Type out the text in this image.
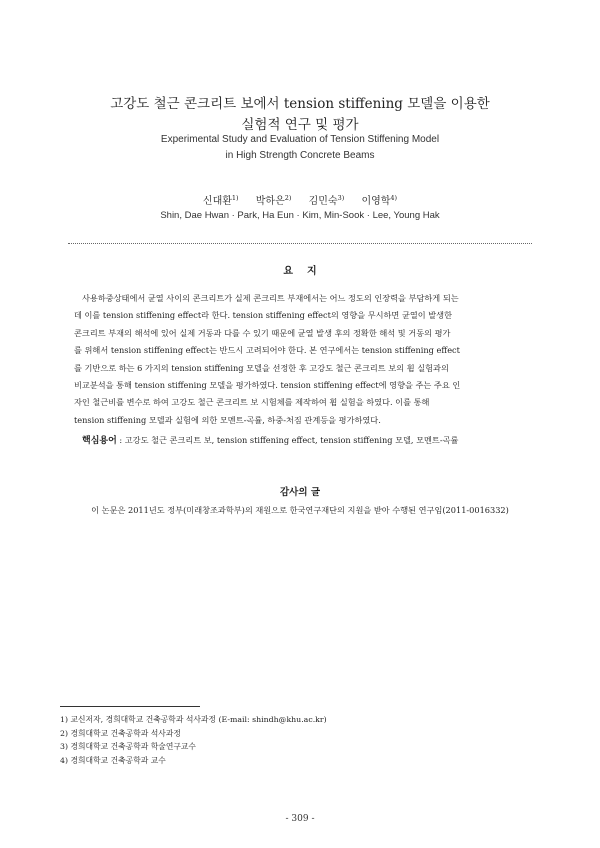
고강도 철근 콘크리트 보에서 tension stiffening 모델을 이용한
실험적 연구 및 평가
Experimental Study and Evaluation of Tension Stiffening Model
in High Strength Concrete Beams
신대환$^{1)}$ 박하은$^{2)}$ 김민숙$^{3)}$ 이영학$^{4)}$
Shin, Dae Hwan · Park, Ha Eun · Kim, Min-Sook · Lee, Young Hak
요지
사용하중상태에서 균열 사이의 콘크리트가 실제 콘크리트 부재에서는 어느 정도의 인장력을 부담하게 되는
데 이를 tension stiffening effect라 한다. tension stiffening effect의 영향을 무시하면 균열이 발생한
콘크리트 부재의 해석에 있어 실제 거동과 다를 수 있기 때문에 균열 발생 후의 정확한 해석 및 거동의 평가
를 위해서 tension stiffening effect는 반드시 고려되어야 한다. 본 연구에서는 tension stiffening effect
를 기반으로 하는 6 가지의 tension stiffening 모델을 선정한 후 고강도 철근 콘크리트 보의 휨 실험과의
비교분석을 통해 tension stiffening 모델을 평가하였다. tension stiffening effect에 영향을 주는 주요 인
자인 철근비를 변수로 하여 고강도 철근 콘크리트 보 시험체를 제작하여 휨 실험을 하였다. 이를 통해
tension stiffening 모델과 실험에 의한 모멘트-곡률, 하중-처짐 관계등을 평가하였다.
핵심용어 : 고강도 철근 콘크리트 보, tension stiffening effect, tension stiffening 모델, 모멘트-곡률
감사의 글
이 논문은 2011년도 정부(미래창조과학부)의 재원으로 한국연구재단의 지원을 받아 수행된 연구임(2011-0016332)
1) 교신저자, 경희대학교 건축공학과 석사과정 (E-mail: shindh@khu.ac.kr)
2) 경희대학교 건축공학과 석사과정
3) 경희대학교 건축공학과 학술연구교수
4) 경희대학교 건축공학과 교수
- 309 -
